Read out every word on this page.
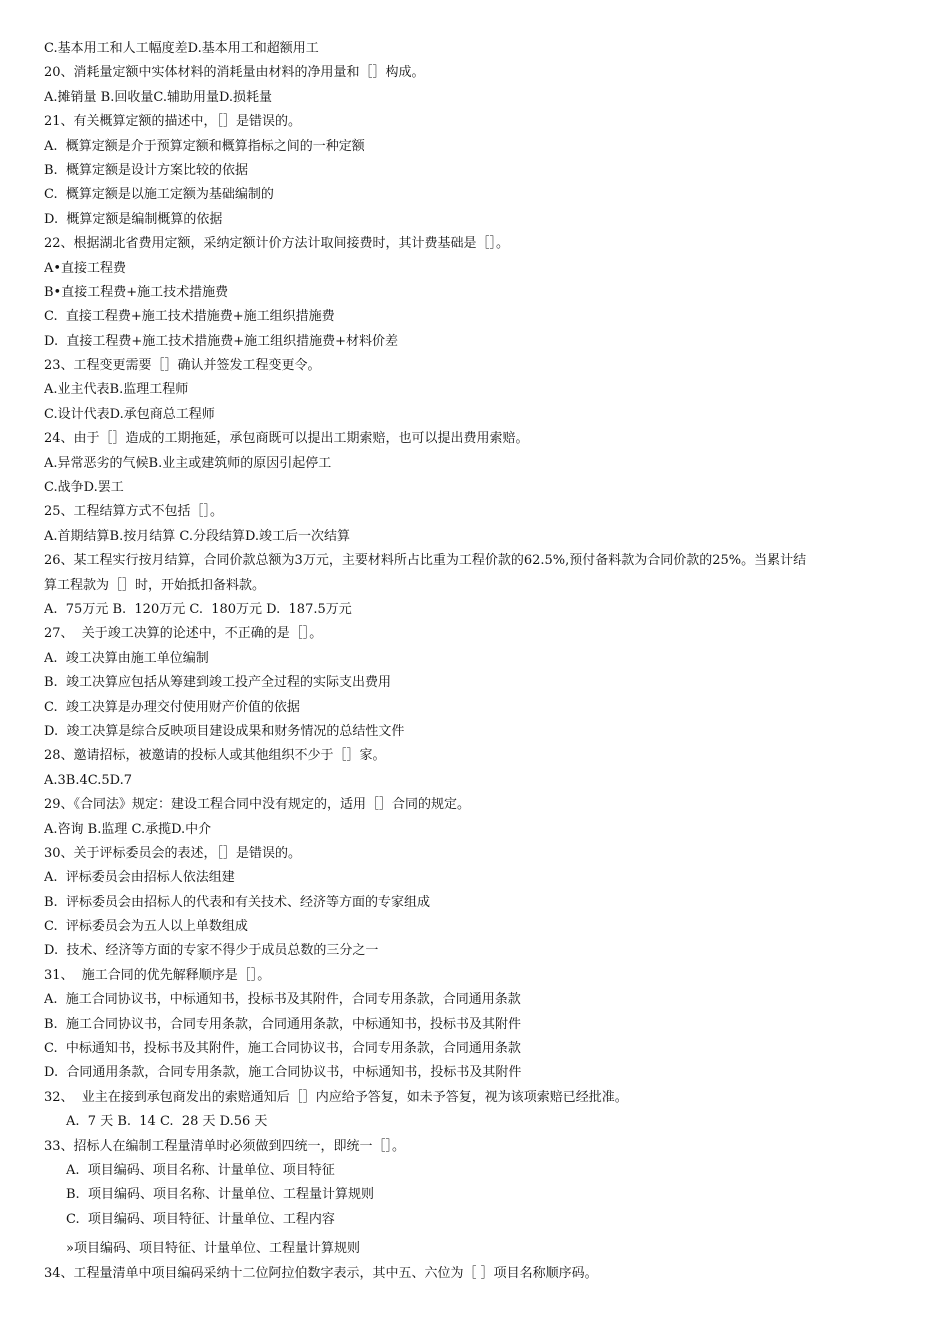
C.基本用工和人工幅度差D.基本用工和超额用工
20、消耗量定额中实体材料的消耗量由材料的净用量和［］构成。
A.摊销量 B.回收量C.辅助用量D.损耗量
21、有关概算定额的描述中，［］是错误的。
A.  概算定额是介于预算定额和概算指标之间的一种定额
B.  概算定额是设计方案比较的依据
C.  概算定额是以施工定额为基础编制的
D.  概算定额是编制概算的依据
22、根据湖北省费用定额，采纳定额计价方法计取间接费时，其计费基础是［］。
A•直接工程费
B•直接工程费+施工技术措施费
C.  直接工程费+施工技术措施费+施工组织措施费
D.  直接工程费+施工技术措施费+施工组织措施费+材料价差
23、工程变更需要［］确认并签发工程变更令。
A.业主代表B.监理工程师
C.设计代表D.承包商总工程师
24、由于［］造成的工期拖延，承包商既可以提出工期索赔，也可以提出费用索赔。
A.异常恶劣的气候B.业主或建筑师的原因引起停工
C.战争D.罢工
25、工程结算方式不包括［］。
A.首期结算B.按月结算 C.分段结算D.竣工后一次结算
26、某工程实行按月结算，合同价款总额为3万元，主要材料所占比重为工程价款的62.5%,预付备料款为合同价款的25%。当累计结
算工程款为［］时，开始抵扣备料款。
A.  75万元 B.  120万元 C.  180万元 D.  187.5万元
27、  关于竣工决算的论述中，不正确的是［］。
A.  竣工决算由施工单位编制
B.  竣工决算应包括从筹建到竣工投产全过程的实际支出费用
C.  竣工决算是办理交付使用财产价值的依据
D.  竣工决算是综合反映项目建设成果和财务情况的总结性文件
28、邀请招标，被邀请的投标人或其他组织不少于［］家。
A.3B.4C.5D.7
29、《合同法》规定：建设工程合同中没有规定的，适用［］合同的规定。
A.咨询 B.监理 C.承揽D.中介
30、关于评标委员会的表述，［］是错误的。
A.  评标委员会由招标人依法组建
B.  评标委员会由招标人的代表和有关技术、经济等方面的专家组成
C.  评标委员会为五人以上单数组成
D.  技术、经济等方面的专家不得少于成员总数的三分之一
31、  施工合同的优先解释顺序是［］。
A.  施工合同协议书，中标通知书，投标书及其附件，合同专用条款，合同通用条款
B.  施工合同协议书，合同专用条款，合同通用条款，中标通知书，投标书及其附件
C.  中标通知书，投标书及其附件，施工合同协议书，合同专用条款，合同通用条款
D.  合同通用条款，合同专用条款，施工合同协议书，中标通知书，投标书及其附件
32、  业主在接到承包商发出的索赔通知后［］内应给予答复，如未予答复，视为该项索赔已经批准。
A.  7 天 B.  14 C.  28 天 D.56 天
33、招标人在编制工程量清单时必须做到四统一，即统一［］。
A.  项目编码、项目名称、计量单位、项目特征
B.  项目编码、项目名称、计量单位、工程量计算规则
C.  项目编码、项目特征、计量单位、工程内容
»项目编码、项目特征、计量单位、工程量计算规则
34、工程量清单中项目编码采纳十二位阿拉伯数字表示，其中五、六位为［ ］项目名称顺序码。
